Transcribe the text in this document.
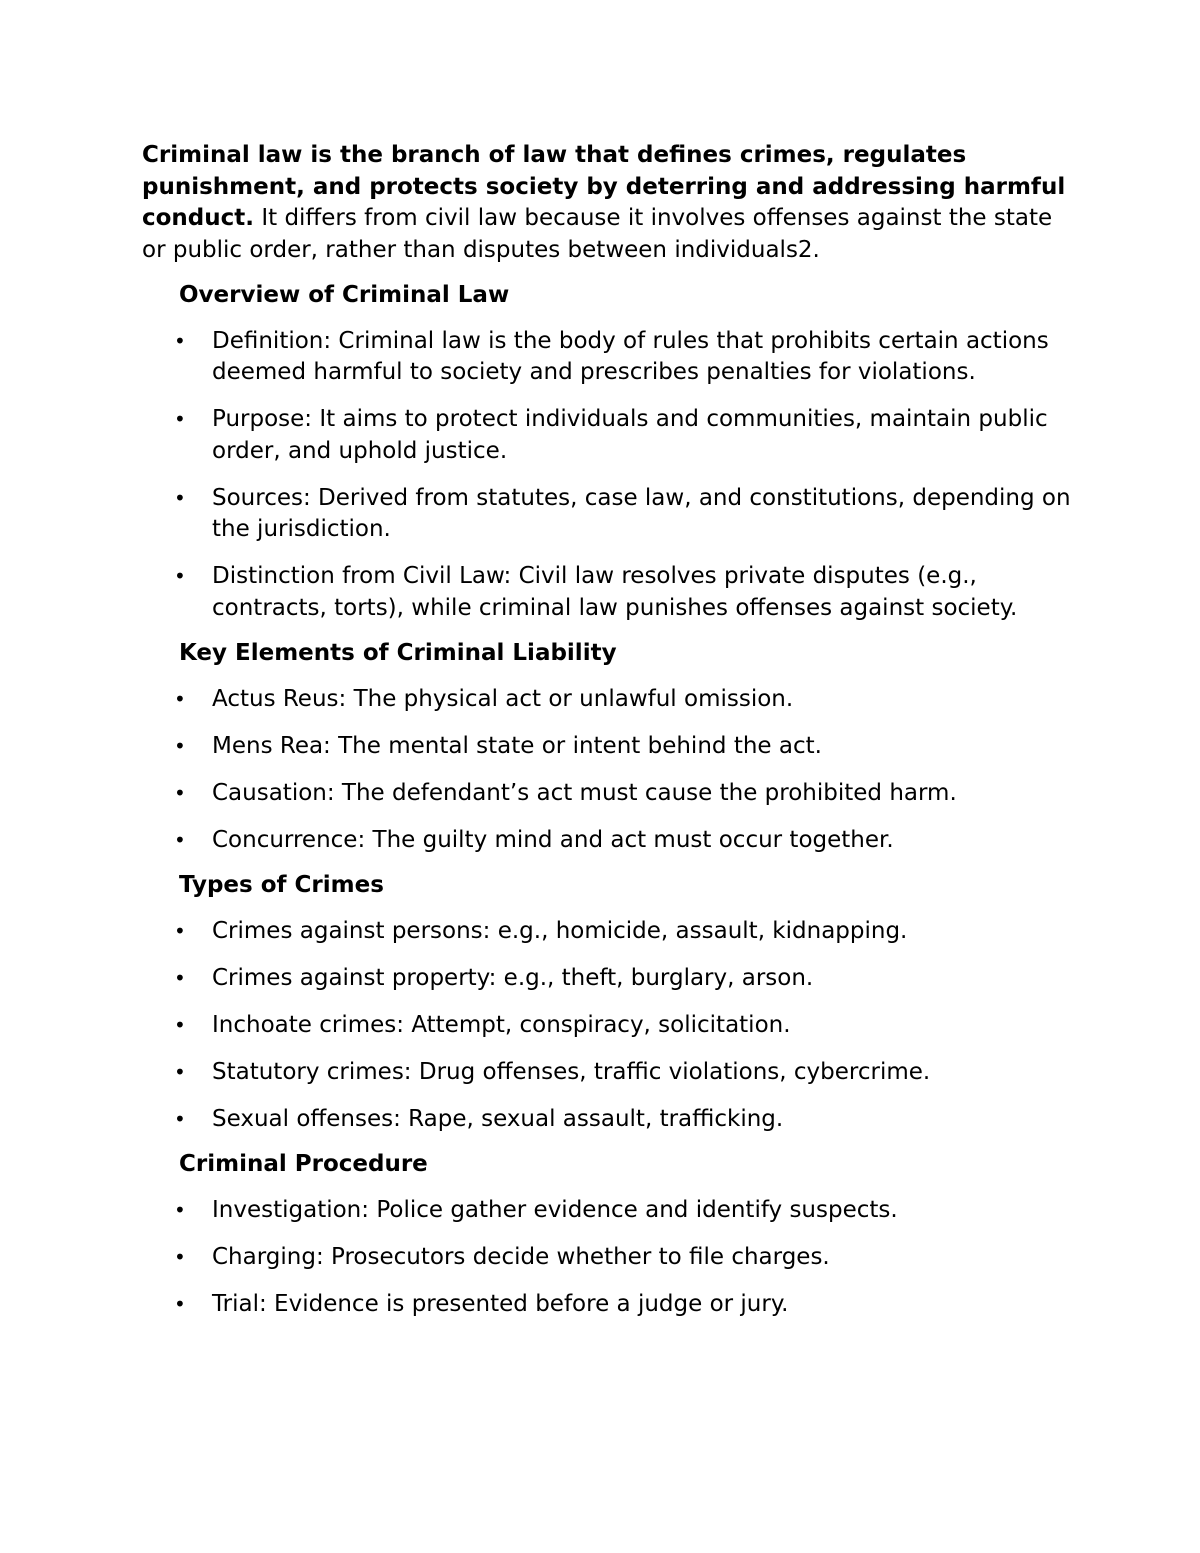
Criminal law is the branch of law that defines crimes, regulates punishment, and protects society by deterring and addressing harmful conduct. It differs from civil law because it involves offenses against the state or public order, rather than disputes between individuals2.

Overview of Criminal Law
• Definition: Criminal law is the body of rules that prohibits certain actions deemed harmful to society and prescribes penalties for violations.
• Purpose: It aims to protect individuals and communities, maintain public order, and uphold justice.
• Sources: Derived from statutes, case law, and constitutions, depending on the jurisdiction.
• Distinction from Civil Law: Civil law resolves private disputes (e.g., contracts, torts), while criminal law punishes offenses against society.
Key Elements of Criminal Liability
• Actus Reus: The physical act or unlawful omission.
• Mens Rea: The mental state or intent behind the act.
• Causation: The defendant’s act must cause the prohibited harm.
• Concurrence: The guilty mind and act must occur together.
Types of Crimes
• Crimes against persons: e.g., homicide, assault, kidnapping.
• Crimes against property: e.g., theft, burglary, arson.
• Inchoate crimes: Attempt, conspiracy, solicitation.
• Statutory crimes: Drug offenses, traffic violations, cybercrime.
• Sexual offenses: Rape, sexual assault, trafficking.
Criminal Procedure
• Investigation: Police gather evidence and identify suspects.
• Charging: Prosecutors decide whether to file charges.
• Trial: Evidence is presented before a judge or jury.
